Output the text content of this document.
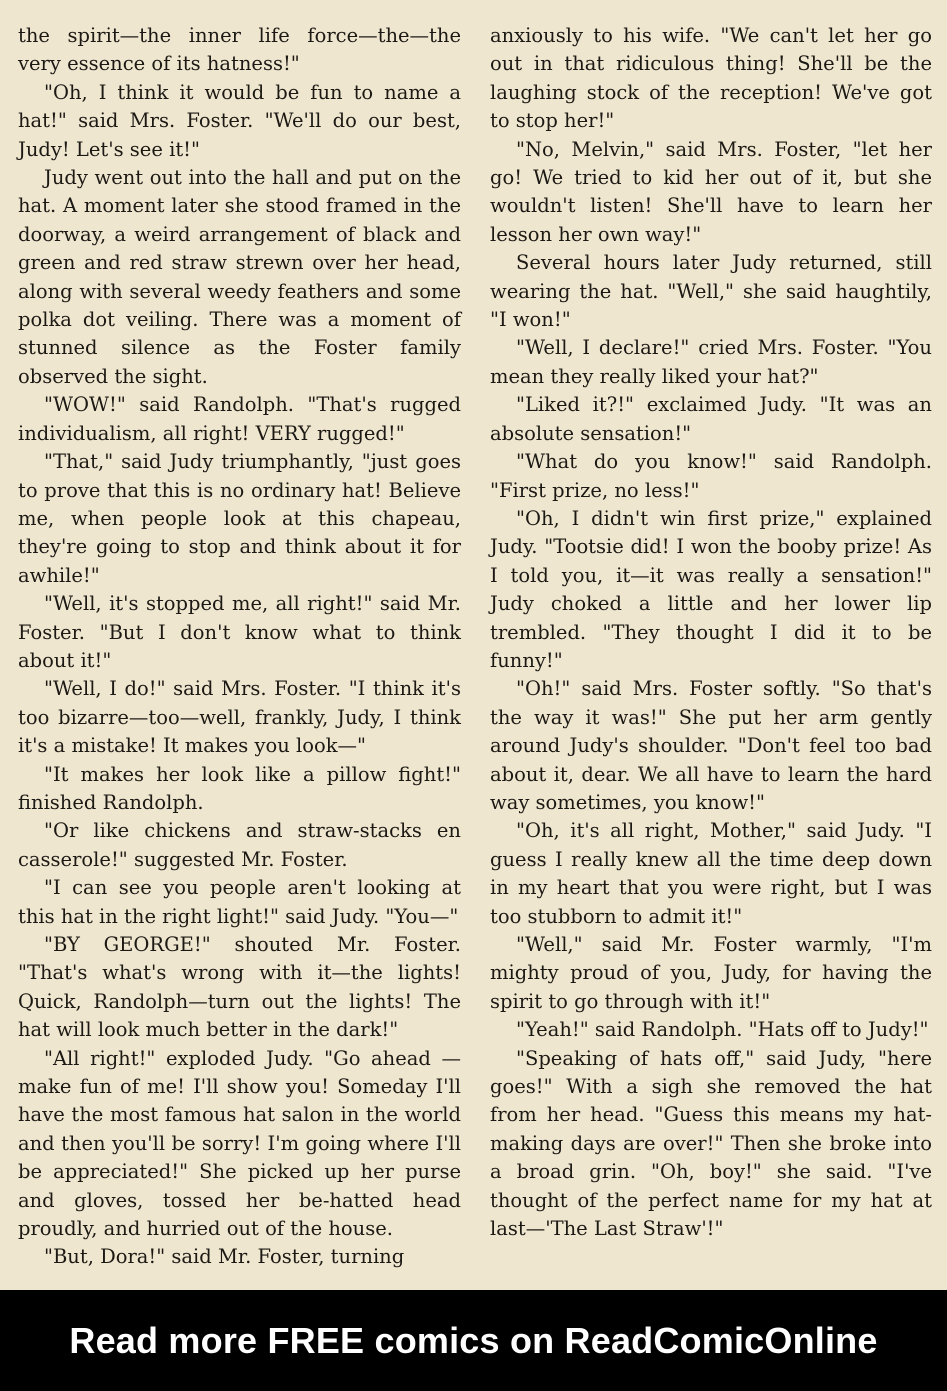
the spirit—the inner life force—the—the very essence of its hatness!"

"Oh, I think it would be fun to name a hat!" said Mrs. Foster. "We'll do our best, Judy! Let's see it!"

Judy went out into the hall and put on the hat. A moment later she stood framed in the doorway, a weird arrangement of black and green and red straw strewn over her head, along with several weedy feathers and some polka dot veiling. There was a moment of stunned silence as the Foster family observed the sight.

"WOW!" said Randolph. "That's rugged individualism, all right! VERY rugged!"

"That," said Judy triumphantly, "just goes to prove that this is no ordinary hat! Believe me, when people look at this chapeau, they're going to stop and think about it for awhile!"

"Well, it's stopped me, all right!" said Mr. Foster. "But I don't know what to think about it!"

"Well, I do!" said Mrs. Foster. "I think it's too bizarre—too—well, frankly, Judy, I think it's a mistake! It makes you look—"

"It makes her look like a pillow fight!" finished Randolph.

"Or like chickens and straw-stacks en casserole!" suggested Mr. Foster.

"I can see you people aren't looking at this hat in the right light!" said Judy. "You—"

"BY GEORGE!" shouted Mr. Foster. "That's what's wrong with it—the lights! Quick, Randolph—turn out the lights! The hat will look much better in the dark!"

"All right!" exploded Judy. "Go ahead —make fun of me! I'll show you! Someday I'll have the most famous hat salon in the world and then you'll be sorry! I'm going where I'll be appreciated!" She picked up her purse and gloves, tossed her be-hatted head proudly, and hurried out of the house.

"But, Dora!" said Mr. Foster, turning

anxiously to his wife. "We can't let her go out in that ridiculous thing! She'll be the laughing stock of the reception! We've got to stop her!"

"No, Melvin," said Mrs. Foster, "let her go! We tried to kid her out of it, but she wouldn't listen! She'll have to learn her lesson her own way!"

Several hours later Judy returned, still wearing the hat. "Well," she said haughtily, "I won!"

"Well, I declare!" cried Mrs. Foster. "You mean they really liked your hat?"

"Liked it?!" exclaimed Judy. "It was an absolute sensation!"

"What do you know!" said Randolph. "First prize, no less!"

"Oh, I didn't win first prize," explained Judy. "Tootsie did! I won the booby prize! As I told you, it—it was really a sensation!" Judy choked a little and her lower lip trembled. "They thought I did it to be funny!"

"Oh!" said Mrs. Foster softly. "So that's the way it was!" She put her arm gently around Judy's shoulder. "Don't feel too bad about it, dear. We all have to learn the hard way sometimes, you know!"

"Oh, it's all right, Mother," said Judy. "I guess I really knew all the time deep down in my heart that you were right, but I was too stubborn to admit it!"

"Well," said Mr. Foster warmly, "I'm mighty proud of you, Judy, for having the spirit to go through with it!"

"Yeah!" said Randolph. "Hats off to Judy!"

"Speaking of hats off," said Judy, "here goes!" With a sigh she removed the hat from her head. "Guess this means my hat-making days are over!" Then she broke into a broad grin. "Oh, boy!" she said. "I've thought of the perfect name for my hat at last—'The Last Straw'!"

Read more FREE comics on ReadComicOnline
